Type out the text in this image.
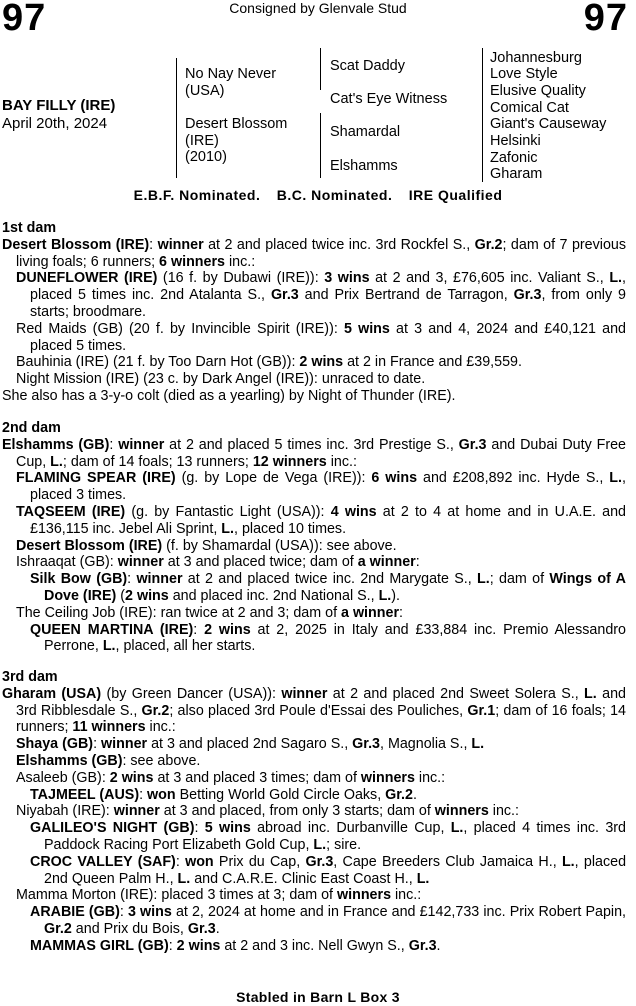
97	Consigned by Glenvale Stud	97
BAY FILLY (IRE)
April 20th, 2024
No Nay Never
(USA)
Desert Blossom
(IRE)
(2010)
Scat Daddy
Cat's Eye Witness
Shamardal
Elshamms
Johannesburg
Love Style
Elusive Quality
Comical Cat
Giant's Causeway
Helsinki
Zafonic
Gharam
E.B.F. Nominated. B.C. Nominated. IRE Qualified
1st dam
Desert Blossom (IRE): winner at 2 and placed twice inc. 3rd Rockfel S., Gr.2; dam of 7 previous living foals; 6 runners; 6 winners inc.:
DUNEFLOWER (IRE) (16 f. by Dubawi (IRE)): 3 wins at 2 and 3, £76,605 inc. Valiant S., L., placed 5 times inc. 2nd Atalanta S., Gr.3 and Prix Bertrand de Tarragon, Gr.3, from only 9 starts; broodmare.
Red Maids (GB) (20 f. by Invincible Spirit (IRE)): 5 wins at 3 and 4, 2024 and £40,121 and placed 5 times.
Bauhinia (IRE) (21 f. by Too Darn Hot (GB)): 2 wins at 2 in France and £39,559.
Night Mission (IRE) (23 c. by Dark Angel (IRE)): unraced to date.
She also has a 3-y-o colt (died as a yearling) by Night of Thunder (IRE).
2nd dam
Elshamms (GB): winner at 2 and placed 5 times inc. 3rd Prestige S., Gr.3 and Dubai Duty Free Cup, L.; dam of 14 foals; 13 runners; 12 winners inc.:
FLAMING SPEAR (IRE) (g. by Lope de Vega (IRE)): 6 wins and £208,892 inc. Hyde S., L., placed 3 times.
TAQSEEM (IRE) (g. by Fantastic Light (USA)): 4 wins at 2 to 4 at home and in U.A.E. and £136,115 inc. Jebel Ali Sprint, L., placed 10 times.
Desert Blossom (IRE) (f. by Shamardal (USA)): see above.
Ishraaqat (GB): winner at 3 and placed twice; dam of a winner:
Silk Bow (GB): winner at 2 and placed twice inc. 2nd Marygate S., L.; dam of Wings of A Dove (IRE) (2 wins and placed inc. 2nd National S., L.).
The Ceiling Job (IRE): ran twice at 2 and 3; dam of a winner:
QUEEN MARTINA (IRE): 2 wins at 2, 2025 in Italy and £33,884 inc. Premio Alessandro Perrone, L., placed, all her starts.
3rd dam
Gharam (USA) (by Green Dancer (USA)): winner at 2 and placed 2nd Sweet Solera S., L. and 3rd Ribblesdale S., Gr.2; also placed 3rd Poule d'Essai des Pouliches, Gr.1; dam of 16 foals; 14 runners; 11 winners inc.:
Shaya (GB): winner at 3 and placed 2nd Sagaro S., Gr.3, Magnolia S., L.
Elshamms (GB): see above.
Asaleeb (GB): 2 wins at 3 and placed 3 times; dam of winners inc.:
TAJMEEL (AUS): won Betting World Gold Circle Oaks, Gr.2.
Niyabah (IRE): winner at 3 and placed, from only 3 starts; dam of winners inc.:
GALILEO'S NIGHT (GB): 5 wins abroad inc. Durbanville Cup, L., placed 4 times inc. 3rd Paddock Racing Port Elizabeth Gold Cup, L.; sire.
CROC VALLEY (SAF): won Prix du Cap, Gr.3, Cape Breeders Club Jamaica H., L., placed 2nd Queen Palm H., L. and C.A.R.E. Clinic East Coast H., L.
Mamma Morton (IRE): placed 3 times at 3; dam of winners inc.:
ARABIE (GB): 3 wins at 2, 2024 at home and in France and £142,733 inc. Prix Robert Papin, Gr.2 and Prix du Bois, Gr.3.
MAMMAS GIRL (GB): 2 wins at 2 and 3 inc. Nell Gwyn S., Gr.3.
Stabled in Barn L Box 3
